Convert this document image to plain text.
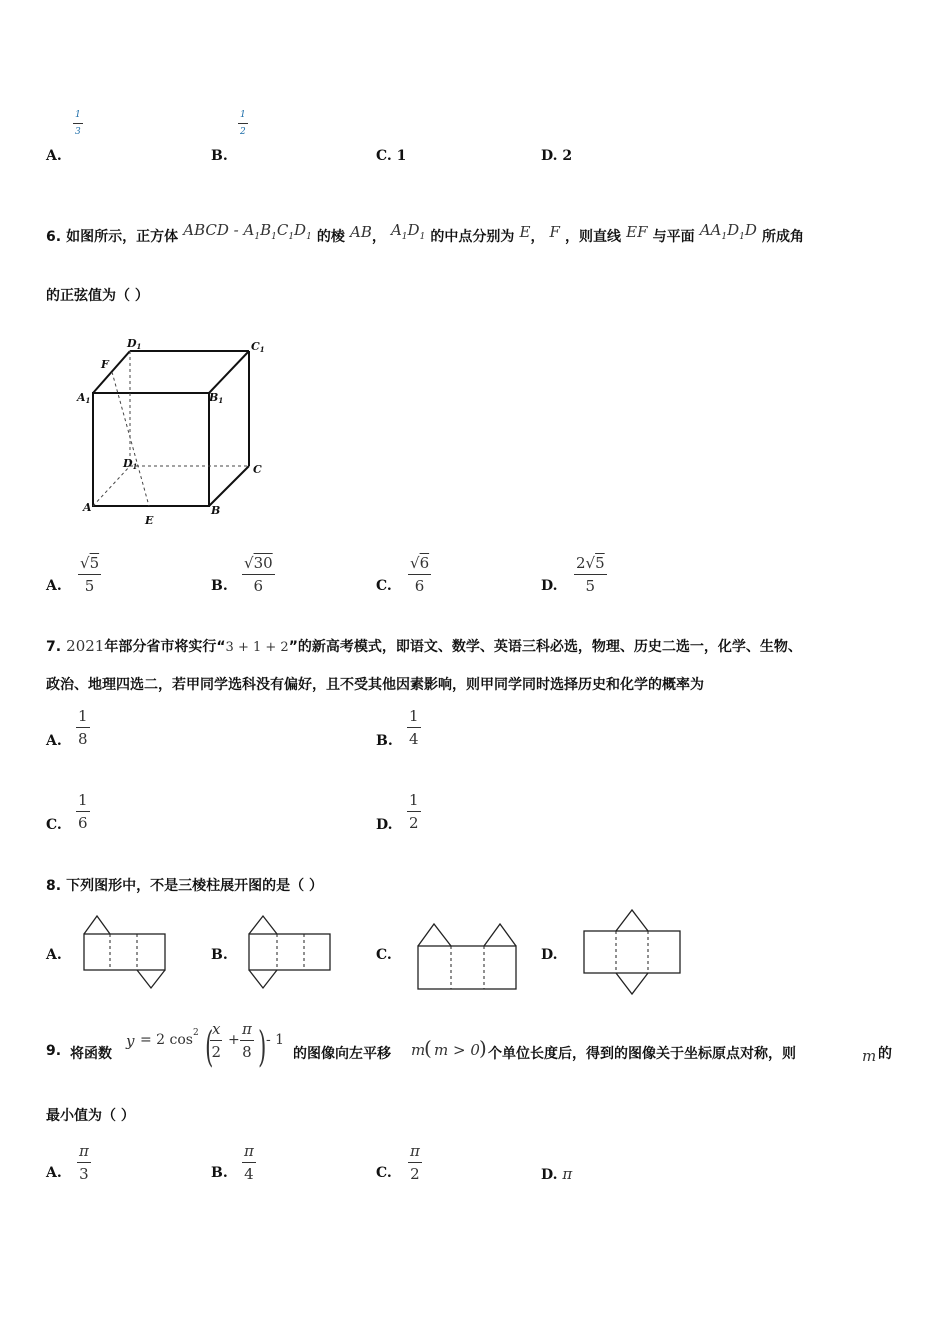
1
3
1
2
A.	B.	C. 1	D. 2
6. 如图所示，正方体 ABCD - $A_1B_1C_1D_1$ 的棱 AB， $A_1D_1$ 的中点分别为 E， F ，则直线 EF 与平面 $AA_1D_1D$ 所成角
的正弦值为（ ）
D1	C1
A1	B1
D1	C
A	B
E
F
A.
√5
5	B.
√30
6	C.
√6
6	D.
2√5
5
7. 2021年部分省市将实行“3 + 1 + 2”的新高考模式，即语文、数学、英语三科必选，物理、历史二选一，化学、生物、
政治、地理四选二，若甲同学选科没有偏好，且不受其他因素影响，则甲同学同时选择历史和化学的概率为
A.
1
8	B.
1
4
C.
1
6	D.
1
2
8. 下列图形中，不是三棱柱展开图的是（ ）
A.	B.	C.	D.
9. 将函数
y = 2 cos 2 (
x
2
+
π
8 ) - 1
的图像向左平移 m
( m > 0 ) 个单位长度后，得到的图像关于坐标原点对称，则	m 的
最小值为（ ）
A.
π
3	B.
π
4	C.
π
2	D. π
